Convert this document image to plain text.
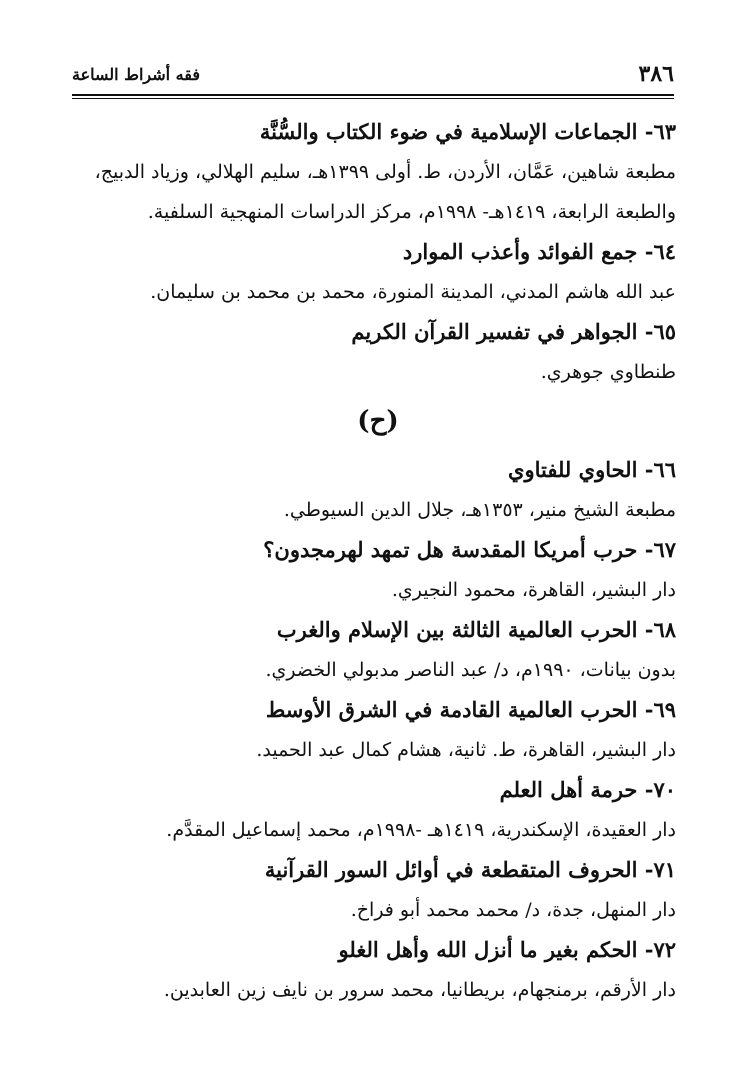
٣٨٦
فقه أشراط الساعة
٦٣- الجماعات الإسلامية في ضوء الكتاب والسُّنَّة
مطبعة شاهين، عَمَّان، الأردن، ط. أولى ١٣٩٩هـ، سليم الهلالي، وزياد الدبيج،
والطبعة الرابعة، ١٤١٩هـ- ١٩٩٨م، مركز الدراسات المنهجية السلفية.
٦٤- جمع الفوائد وأعذب الموارد
عبد الله هاشم المدني، المدينة المنورة، محمد بن محمد بن سليمان.
٦٥- الجواهر في تفسير القرآن الكريم
طنطاوي جوهري.
(ح)
٦٦- الحاوي للفتاوي
مطبعة الشيخ منير، ١٣٥٣هـ، جلال الدين السيوطي.
٦٧- حرب أمريكا المقدسة هل تمهد لهرمجدون؟
دار البشير، القاهرة، محمود النجيري.
٦٨- الحرب العالمية الثالثة بين الإسلام والغرب
بدون بيانات، ١٩٩٠م، د/ عبد الناصر مدبولي الخضري.
٦٩- الحرب العالمية القادمة في الشرق الأوسط
دار البشير، القاهرة، ط. ثانية، هشام كمال عبد الحميد.
٧٠- حرمة أهل العلم
دار العقيدة، الإسكندرية، ١٤١٩هـ -١٩٩٨م، محمد إسماعيل المقدَّم.
٧١- الحروف المتقطعة في أوائل السور القرآنية
دار المنهل، جدة، د/ محمد محمد أبو فراخ.
٧٢- الحكم بغير ما أنزل الله وأهل الغلو
دار الأرقم، برمنجهام، بريطانيا، محمد سرور بن نايف زين العابدين.
